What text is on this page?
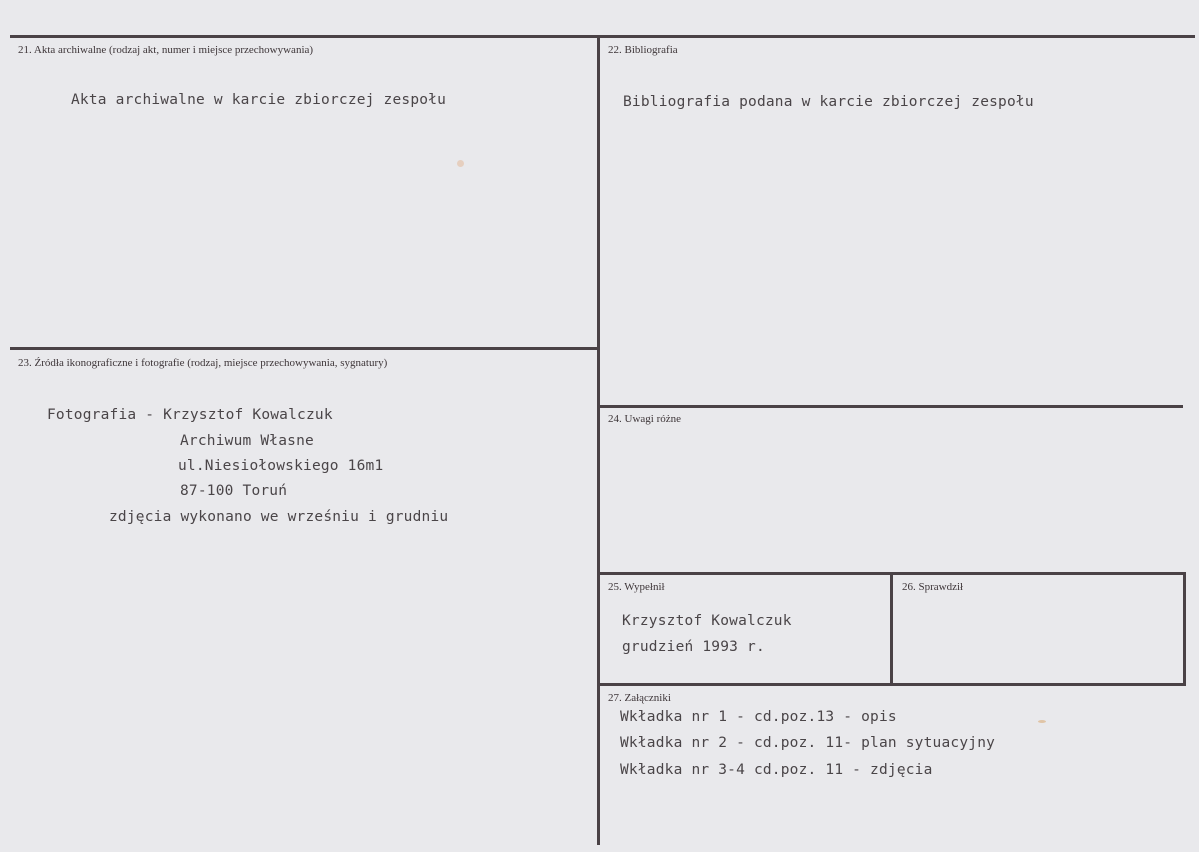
21. Akta archiwalne (rodzaj akt, numer i miejsce przechowywania)
Akta archiwalne w karcie zbiorczej zespołu
22. Bibliografia
Bibliografia podana w karcie zbiorczej zespołu
23. Źródła ikonograficzne i fotografie (rodzaj, miejsce przechowywania, sygnatury)
Fotografia - Krzysztof Kowalczuk
Archiwum Własne
ul.Niesiołowskiego 16m1
87-100 Toruń
zdjęcia wykonano we wrześniu i grudniu
24. Uwagi różne
25. Wypełnił
Krzysztof Kowalczuk
grudzień 1993 r.
26. Sprawdził
27. Załączniki
Wkładka nr 1 - cd.poz.13 - opis
Wkładka nr 2 - cd.poz. 11- plan sytuacyjny
Wkładka nr 3-4 cd.poz. 11 - zdjęcia
